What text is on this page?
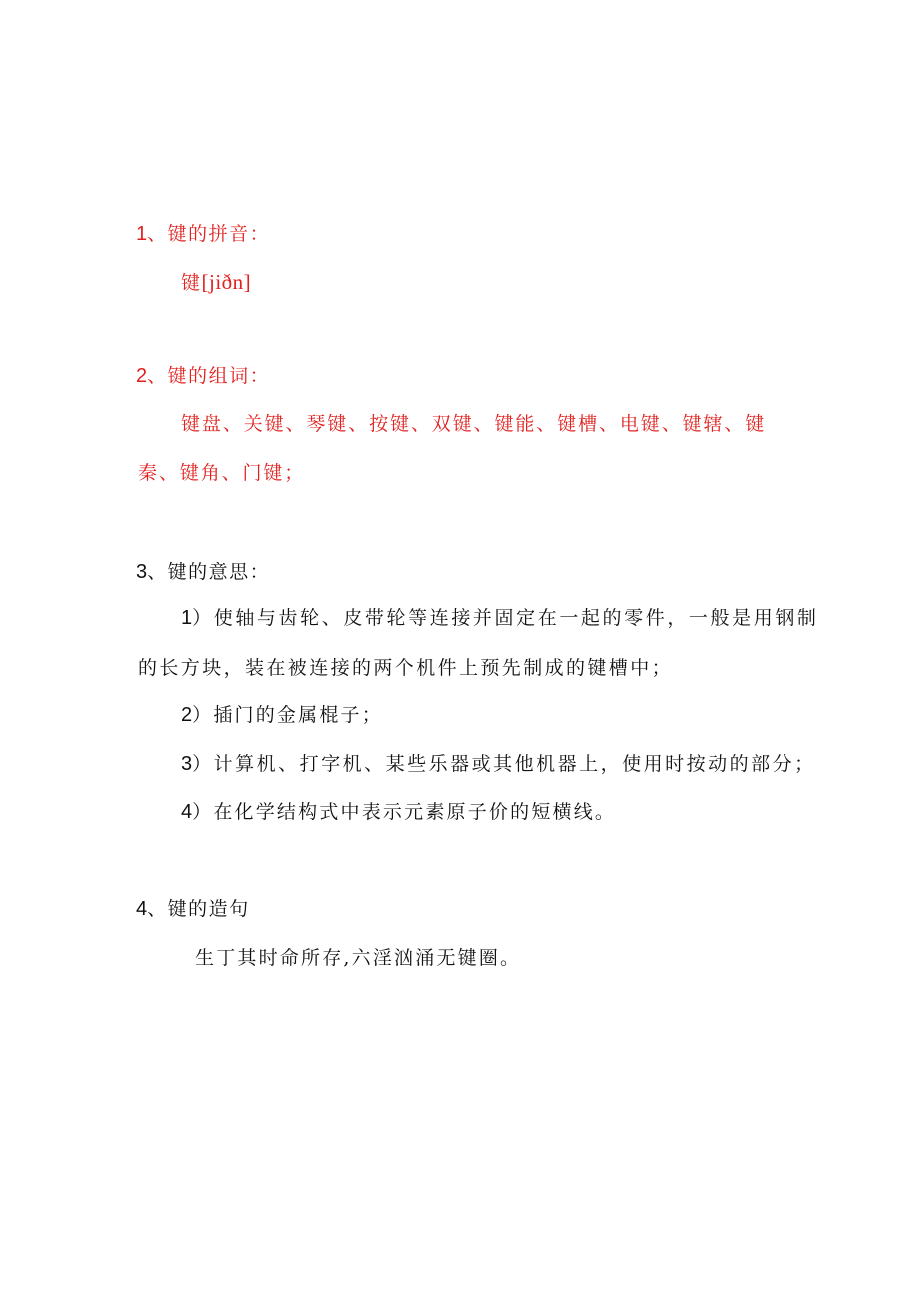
1、键的拼音：
键[jiðn]
2、键的组词：
键盘、关键、琴键、按键、双键、键能、键槽、电键、键辖、键
秦、键角、门键；
3、键的意思：
1）使轴与齿轮、皮带轮等连接并固定在一起的零件，一般是用钢制
的长方块，装在被连接的两个机件上预先制成的键槽中；
2）插门的金属棍子；
3）计算机、打字机、某些乐器或其他机器上，使用时按动的部分；
4）在化学结构式中表示元素原子价的短横线。
4、键的造句
生丁其时命所存,六淫汹涌无键圈。
